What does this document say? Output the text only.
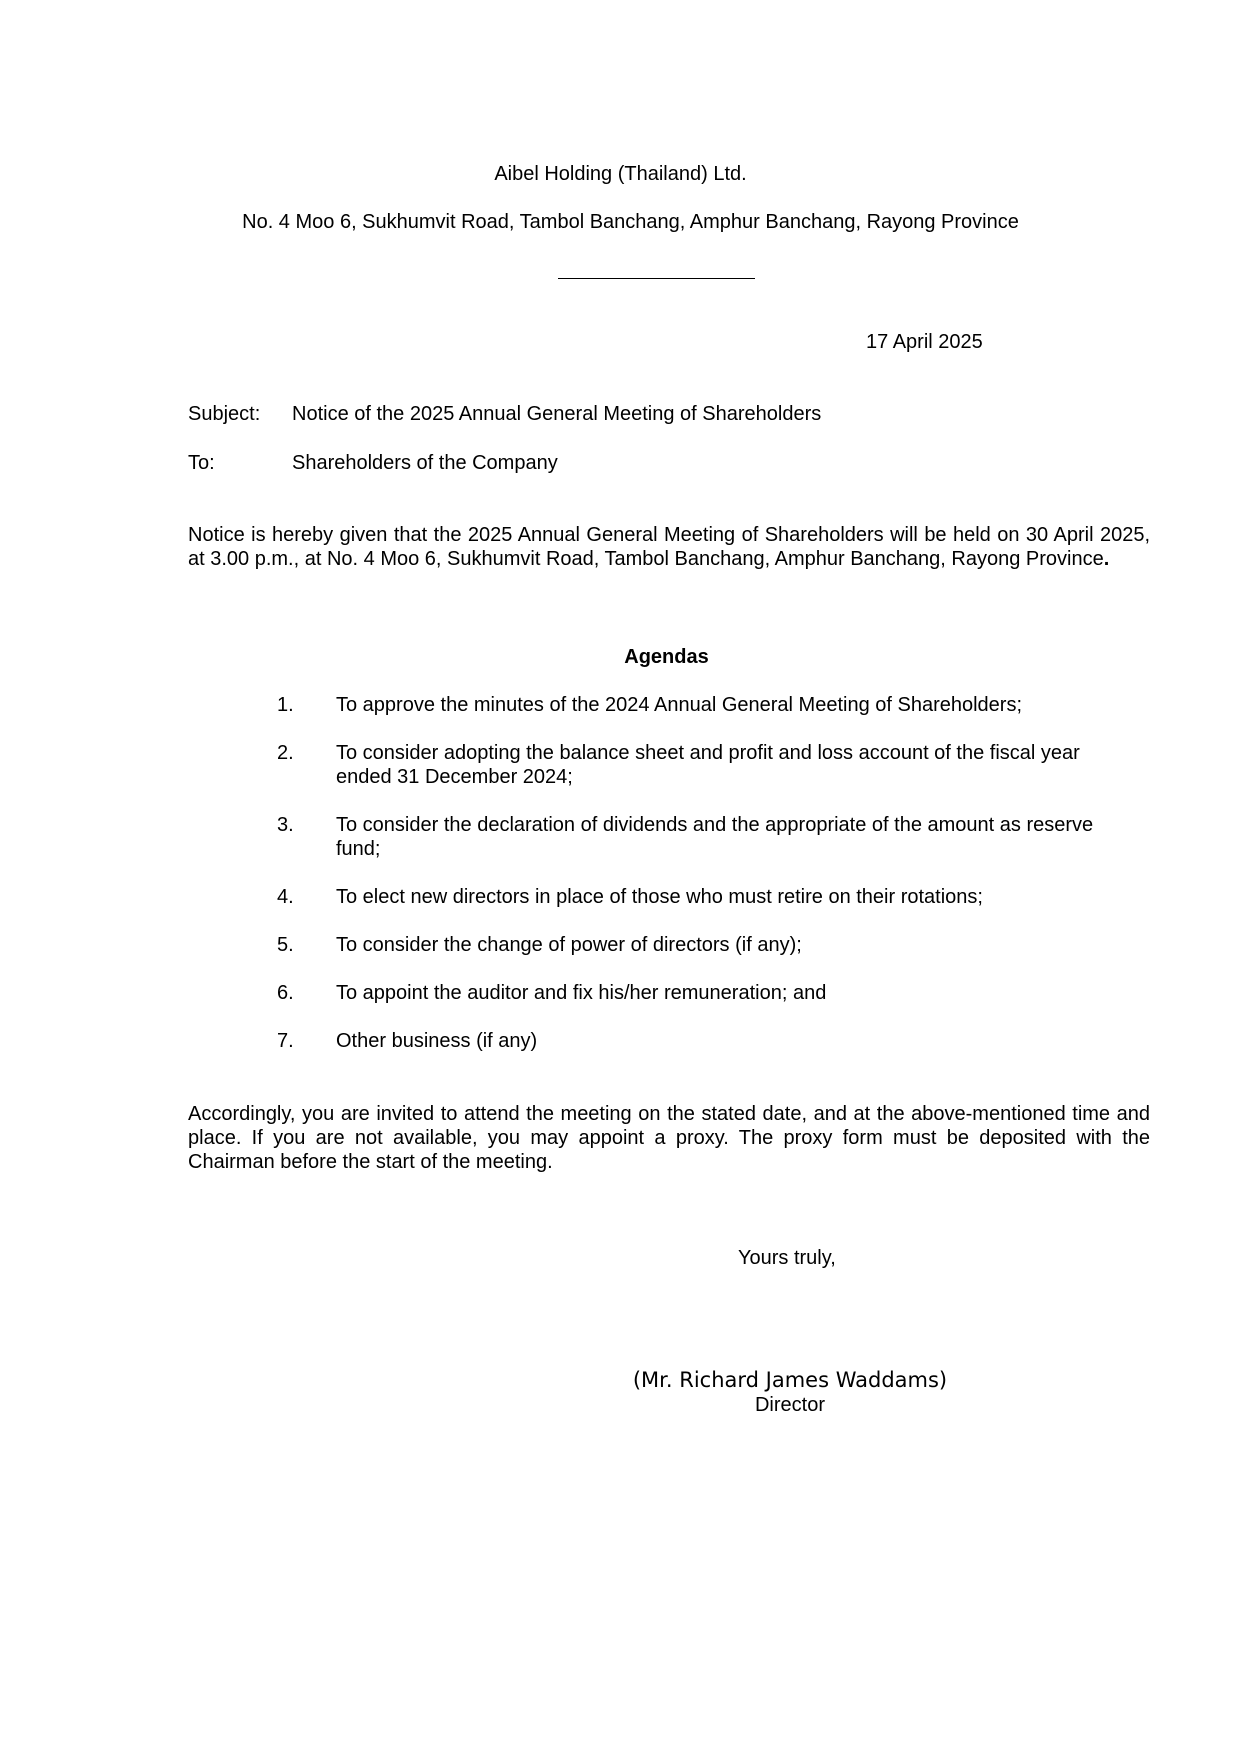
Aibel Holding (Thailand) Ltd.
No. 4 Moo 6, Sukhumvit Road, Tambol Banchang, Amphur Banchang, Rayong Province
17 April 2025
Subject: Notice of the 2025 Annual General Meeting of Shareholders
To:	Shareholders of the Company
Notice is hereby given that the 2025 Annual General Meeting of Shareholders will be held on 30 April 2025, at 3.00 p.m., at No. 4 Moo 6, Sukhumvit Road, Tambol Banchang, Amphur Banchang, Rayong Province.
Agendas
1. To approve the minutes of the 2024 Annual General Meeting of Shareholders;
2. To consider adopting the balance sheet and profit and loss account of the fiscal year ended 31 December 2024;
3. To consider the declaration of dividends and the appropriate of the amount as reserve fund;
4. To elect new directors in place of those who must retire on their rotations;
5. To consider the change of power of directors (if any);
6. To appoint the auditor and fix his/her remuneration; and
7. Other business (if any)
Accordingly, you are invited to attend the meeting on the stated date, and at the above-mentioned time and place. If you are not available, you may appoint a proxy. The proxy form must be deposited with the Chairman before the start of the meeting.
Yours truly,
(Mr. Richard James Waddams)
Director
